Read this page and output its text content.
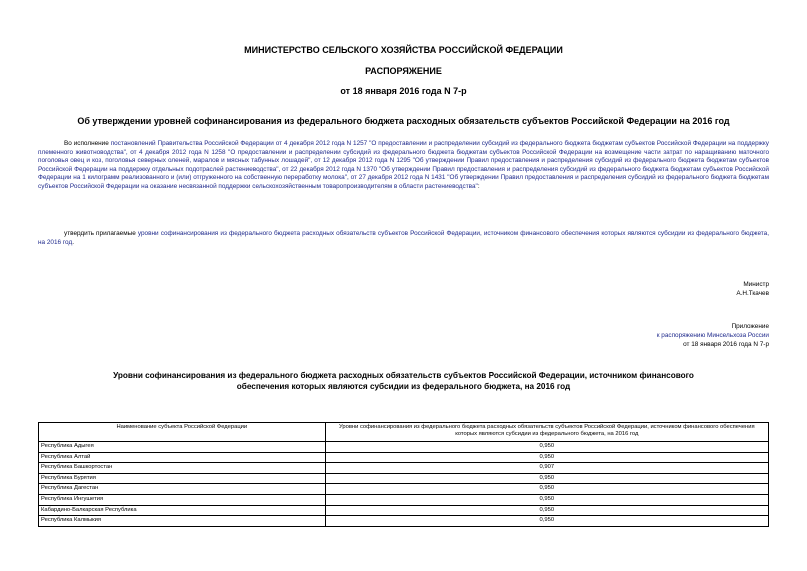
МИНИСТЕРСТВО СЕЛЬСКОГО ХОЗЯЙСТВА РОССИЙСКОЙ ФЕДЕРАЦИИ
РАСПОРЯЖЕНИЕ
от 18 января 2016 года N 7-р
Об утверждении уровней софинансирования из федерального бюджета расходных обязательств субъектов Российской Федерации на 2016 год
Во исполнение постановлений Правительства Российской Федерации от 4 декабря 2012 года N 1257 "О предоставлении и распределении субсидий из федерального бюджета бюджетам субъектов Российской Федерации на поддержку племенного животноводства", от 4 декабря 2012 года N 1258 "О предоставлении и распределении субсидий из федерального бюджета бюджетам субъектов Российской Федерации на возмещение части затрат по наращиванию маточного поголовья овец и коз, поголовья северных оленей, маралов и мясных табунных лошадей", от 12 декабря 2012 года N 1295 "Об утверждении Правил предоставления и распределения субсидий из федерального бюджета бюджетам субъектов Российской Федерации на поддержку отдельных подотраслей растениеводства", от 22 декабря 2012 года N 1370 "Об утверждении Правил предоставления и распределения субсидий из федерального бюджета бюджетам субъектов Российской Федерации на 1 килограмм реализованного и (или) отгруженного на собственную переработку молока", от 27 декабря 2012 года N 1431 "Об утверждении Правил предоставления и распределения субсидий из федерального бюджета бюджетам субъектов Российской Федерации на оказание несвязанной поддержки сельскохозяйственным товаропроизводителям в области растениеводства":
утвердить прилагаемые уровни софинансирования из федерального бюджета расходных обязательств субъектов Российской Федерации, источником финансового обеспечения которых являются субсидии из федерального бюджета, на 2016 год.
Министр
А.Н.Ткачев
Приложение
к распоряжению Минсельхоза России
от 18 января 2016 года N 7-р
Уровни софинансирования из федерального бюджета расходных обязательств субъектов Российской Федерации, источником финансового обеспечения которых являются субсидии из федерального бюджета, на 2016 год
Наименование субъекта Российской Федерации	Уровни софинансирования из федерального бюджета расходных обязательств субъектов Российской Федерации, источником финансового обеспечения которых являются субсидии из федерального бюджета, на 2016 год
Республика Адыгея	0,950
Республика Алтай	0,950
Республика Башкортостан	0,907
Республика Бурятия	0,950
Республика Дагестан	0,950
Республика Ингушетия	0,950
Кабардино-Балкарская Республика	0,950
Республика Калмыкия	0,950
